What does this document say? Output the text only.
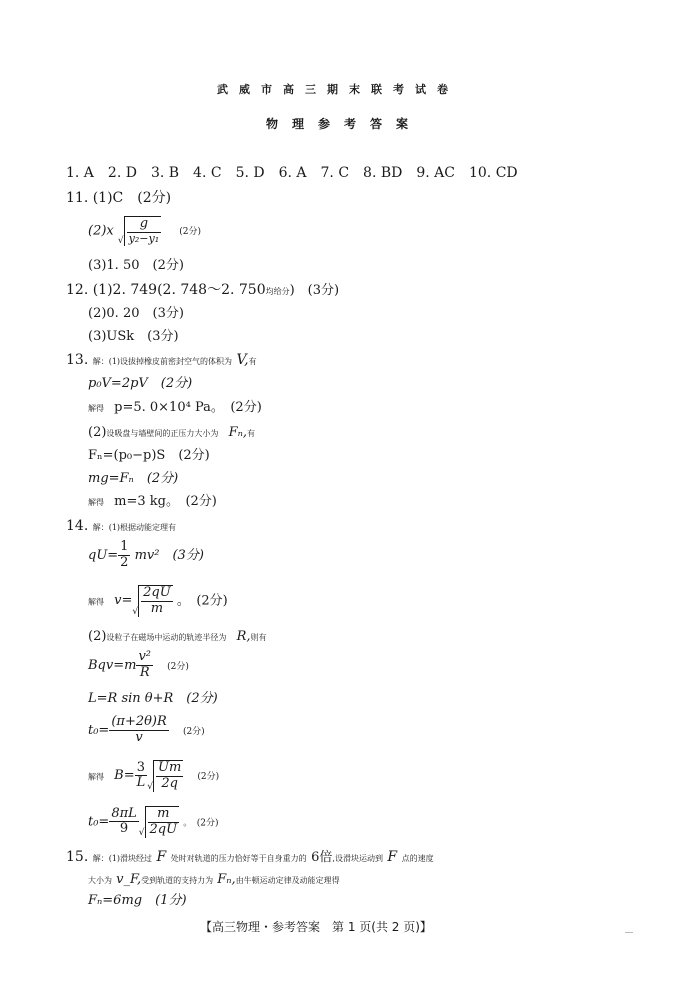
武威市高三期末联考试卷
物理参考答案
1. A　2. D　3. B　4. C　5. D　6. A　7. C　8. BD　9. AC　10. CD
11. (1)C　(2分)
(2)x √ $\frac{g}{\text{y₂−y₁}} (2$分)
(3)1. 50　(2分)
12. (1)2. 749(2. 748～2. 750均给分)　(3分)
(2)0. 20　(3分)
(3)USk　(3分)
13. 解：(1)设拔掉橡皮前密封空气的体积为 V,有
p₀V=2pV　(2分)
解得 p=5. 0×10⁴ Pa。　(2分)
(2)设吸盘与墙壁间的正压力大小为 Fₙ,有
Fₙ=(p₀−p)S　(2分)
mg=Fₙ　(2分)
解得 m=3 kg。　(2分)
14. 解：(1)根据动能定理有
$qU= \frac{1}{2} mv^2$　(3分)
解得 $v=√ \frac{2qU}{m}$ 。　(2分)
(2)设粒子在磁场中运动的轨迹半径为 R,则有
$Bqv=m \frac{\text{v²}}{R} (2$分)
L=R sin θ+R　(2分)
$t_0= \frac{(\pi+2\theta)R}{v} (2$分)
解得 $B= \frac{3}{L}$ √ $\frac{Um}{2q} (2$分)
$t_0= \frac{8\pi L}{9}$ √ $\frac{m}{2qU}$ 。　(2分)
15. 解：(1)滑块经过 F 处时对轨道的压力恰好等于自身重力的 6倍,设滑块运动到 F 点的速度
大小为 v_F,受到轨道的支持力为 Fₙ,由牛顿运动定律及动能定理得
Fₙ=6mg　(1分)
【高三物理・参考答案　第 1 页(共 2 页)】
